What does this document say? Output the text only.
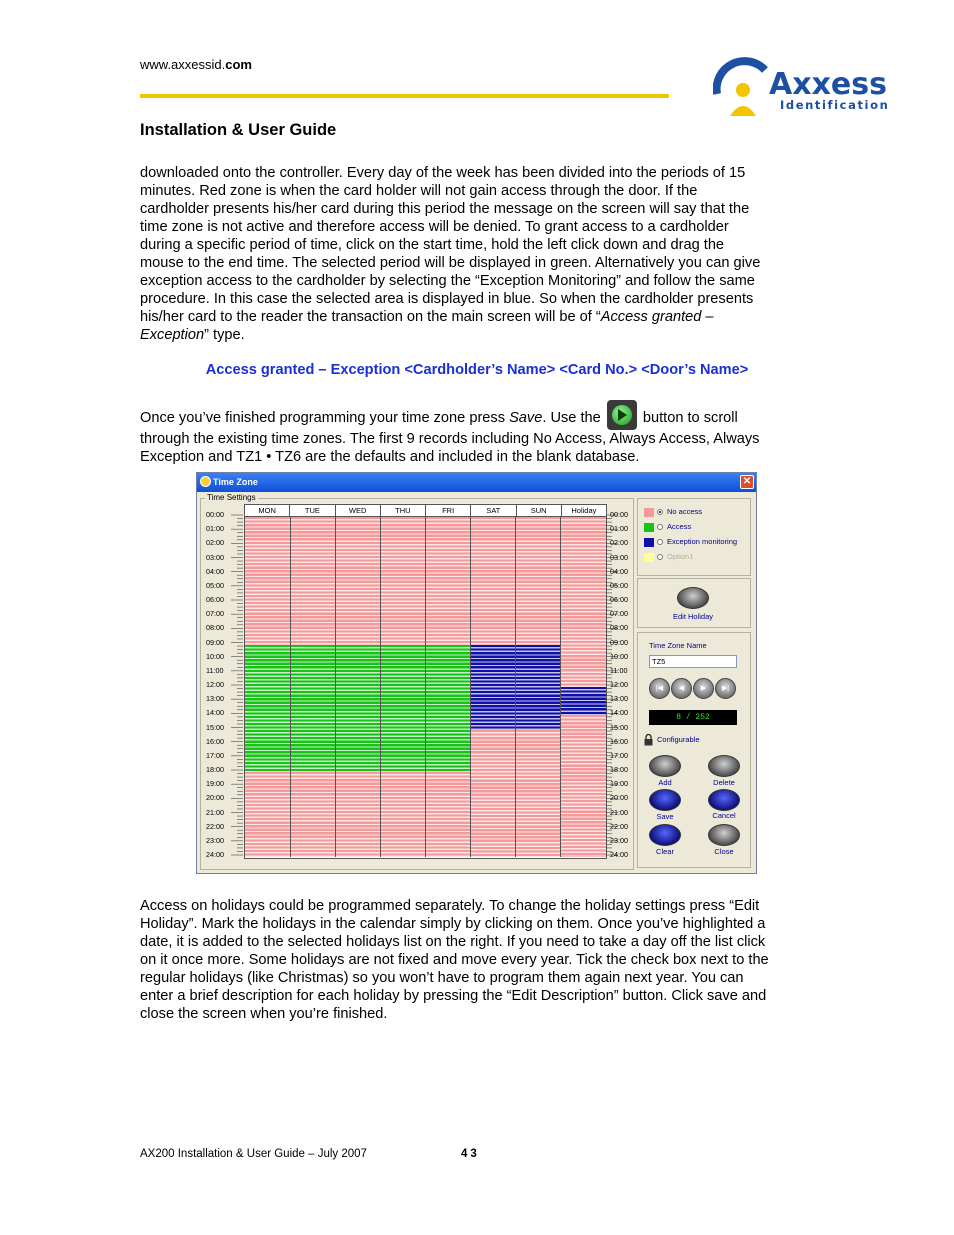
www.axxessid.com
Axxess
Identification
Installation & User Guide

downloaded onto the controller. Every day of the week has been divided into the periods of 15

minutes. Red zone is when the card holder will not gain access through the door. If the

cardholder presents his/her card during this period the message on the screen will say that the

time zone is not active and therefore access will be denied. To grant access to a cardholder

during a specific period of time, click on the start time, hold the left click down and drag the

mouse to the end time. The selected period will be displayed in green. Alternatively you can give

exception access to the cardholder by selecting the “Exception Monitoring” and follow the same

procedure. In this case the selected area is displayed in blue. So when the cardholder presents

his/her card to the reader the transaction on the main screen will be of “Access granted –

Exception” type.

Access granted – Exception <Cardholder’s Name> <Card No.> <Door’s Name>

Once you’ve finished programming your time zone press Save. Use the
button to scroll

through the existing time zones. The first 9 records including No Access, Always Access, Always

Exception and TZ1 • TZ6 are the defaults and included in the blank database.

Time Zone	✕
Time Settings
00:00
01:00
02:00
03:00
04:00
05:00
06:00
07:00
08:00
09:00
10:00
11:00
12:00
13:00
14:00
15:00
16:00
17:00
18:00
19:00
20:00
21:00
22:00
23:00
24:00
MON	TUE	WED	THU	FRI	SAT	SUN	Holiday	00:00
01:00
02:00
03:00
04:00
05:00
06:00
07:00
08:00
09:00
10:00
11:00
12:00
13:00
14:00
15:00
16:00
17:00
18:00
19:00
20:00
21:00
22:00
23:00
24:00
No access
Access
Exception monitoring
Option1
Edit Holiday
Time Zone Name
TZ5
|◀	◀	▶	▶|
8 / 252
Configurable
Add	Delete
Save	Cancel
Clear	Close

Access on holidays could be programmed separately. To change the holiday settings press “Edit

Holiday”. Mark the holidays in the calendar simply by clicking on them. Once you’ve highlighted a

date, it is added to the selected holidays list on the right. If you need to take a day off the list click

on it once more. Some holidays are not fixed and move every year. Tick the check box next to the

regular holidays (like Christmas) so you won’t have to program them again next year. You can

enter a brief description for each holiday by pressing the “Edit Description” button. Click save and

close the screen when you’re finished.

AX200 Installation & User Guide – July 2007	43
